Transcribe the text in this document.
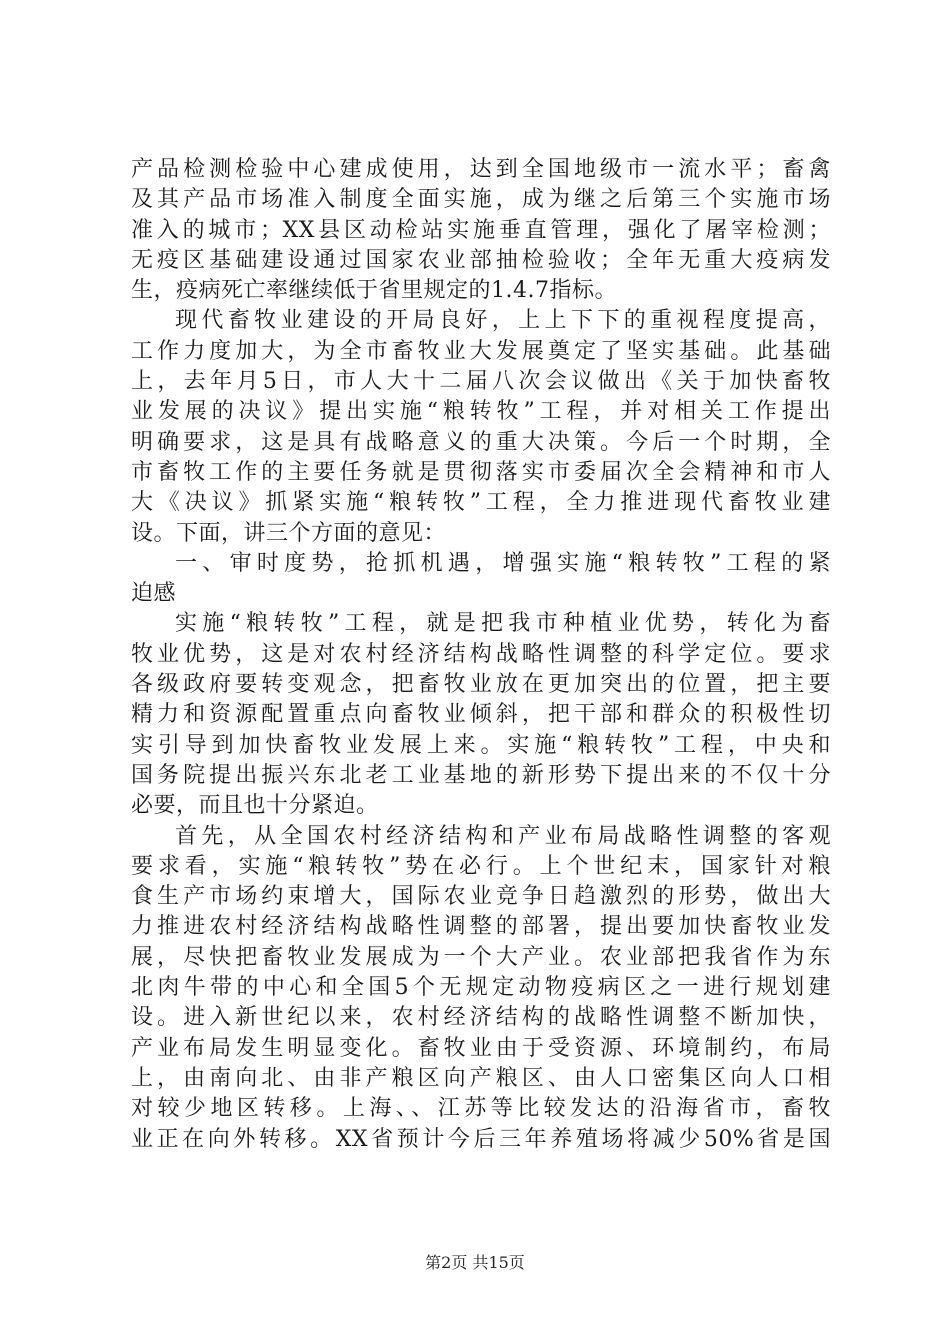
产品检测检验中心建成使用，达到全国地级市一流水平；畜禽
及其产品市场准入制度全面实施，成为继之后第三个实施市场
准入的城市；XX县区动检站实施垂直管理，强化了屠宰检测；
无疫区基础建设通过国家农业部抽检验收；全年无重大疫病发
生，疫病死亡率继续低于省里规定的1.4.7指标。
现代畜牧业建设的开局良好，上上下下的重视程度提高，
工作力度加大，为全市畜牧业大发展奠定了坚实基础。此基础
上，去年月5日，市人大十二届八次会议做出《关于加快畜牧
业发展的决议》提出实施“粮转牧”工程，并对相关工作提出
明确要求，这是具有战略意义的重大决策。今后一个时期，全
市畜牧工作的主要任务就是贯彻落实市委届次全会精神和市人
大《决议》抓紧实施“粮转牧”工程，全力推进现代畜牧业建
设。下面，讲三个方面的意见：
一、审时度势，抢抓机遇，增强实施“粮转牧”工程的紧
迫感
实施“粮转牧”工程，就是把我市种植业优势，转化为畜
牧业优势，这是对农村经济结构战略性调整的科学定位。要求
各级政府要转变观念，把畜牧业放在更加突出的位置，把主要
精力和资源配置重点向畜牧业倾斜，把干部和群众的积极性切
实引导到加快畜牧业发展上来。实施“粮转牧”工程，中央和
国务院提出振兴东北老工业基地的新形势下提出来的不仅十分
必要，而且也十分紧迫。
首先，从全国农村经济结构和产业布局战略性调整的客观
要求看，实施“粮转牧”势在必行。上个世纪末，国家针对粮
食生产市场约束增大，国际农业竞争日趋激烈的形势，做出大
力推进农村经济结构战略性调整的部署，提出要加快畜牧业发
展，尽快把畜牧业发展成为一个大产业。农业部把我省作为东
北肉牛带的中心和全国5个无规定动物疫病区之一进行规划建
设。进入新世纪以来，农村经济结构的战略性调整不断加快，
产业布局发生明显变化。畜牧业由于受资源、环境制约，布局
上，由南向北、由非产粮区向产粮区、由人口密集区向人口相
对较少地区转移。上海、、江苏等比较发达的沿海省市，畜牧
业正在向外转移。XX省预计今后三年养殖场将减少50%省是国
第2页 共15页
